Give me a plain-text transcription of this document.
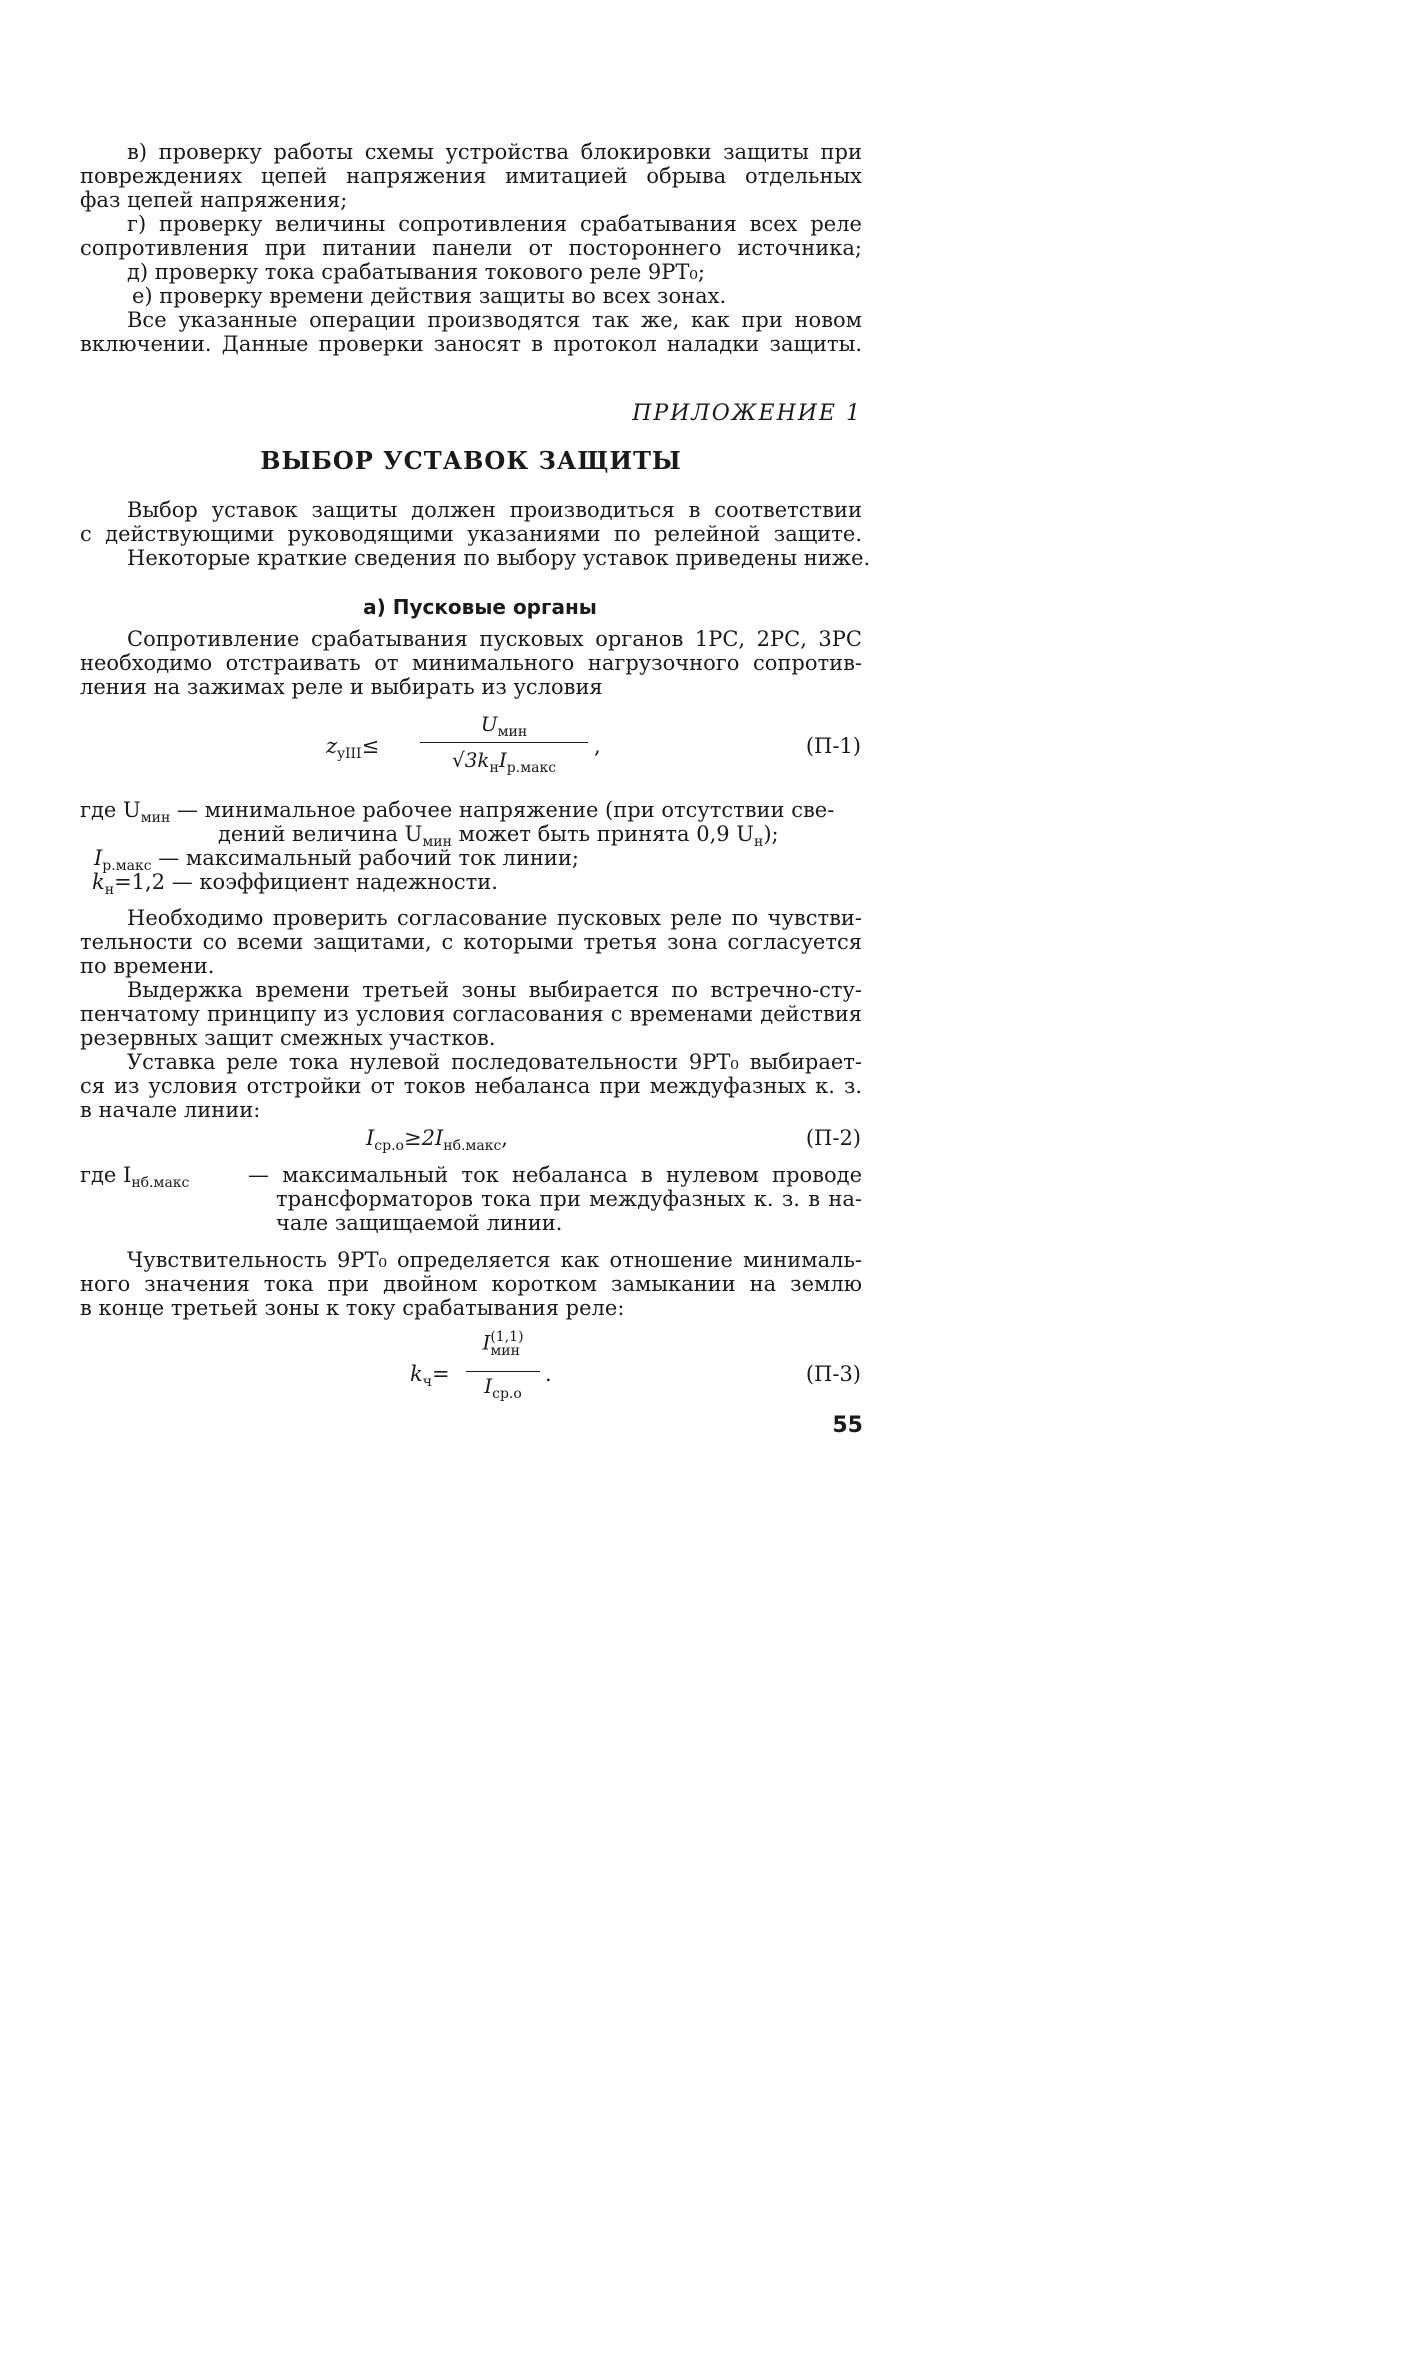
в) проверку работы схемы устройства блокировки защиты при
повреждениях цепей напряжения имитацией обрыва отдельных
фаз цепей напряжения;
г) проверку величины сопротивления срабатывания всех реле
сопротивления при питании панели от постороннего источника;
д) проверку тока срабатывания токового реле 9РТ₀;
е) проверку времени действия защиты во всех зонах.
Все указанные операции производятся так же, как при новом
включении. Данные проверки заносят в протокол наладки защиты.
ПРИЛОЖЕНИЕ 1
ВЫБОР УСТАВОК ЗАЩИТЫ
Выбор уставок защиты должен производиться в соответствии
с действующими руководящими указаниями по релейной защите.
Некоторые краткие сведения по выбору уставок приведены ниже.
а) Пусковые органы
Сопротивление срабатывания пусковых органов 1РС, 2РС, 3РС
необходимо отстраивать от минимального нагрузочного сопротив-
ления на зажимах реле и выбирать из условия
$z_{yIII}\le$
$U_{мин}$
$√3k_нI_{р.макс}$
,	(П-1)
где $U_{мин}$ — минимальное рабочее напряжение (при отсутствии све-
дений величина $U_{мин}$ может быть принята 0,9 $U_н$);
$I_{р.макс}$ — максимальный рабочий ток линии;
$k_н=1,2$ — коэффициент надежности.
Необходимо проверить согласование пусковых реле по чувстви-
тельности со всеми защитами, с которыми третья зона согласуется
по времени.
Выдержка времени третьей зоны выбирается по встречно-сту-
пенчатому принципу из условия согласования с временами действия
резервных защит смежных участков.
Уставка реле тока нулевой последовательности 9РТ₀ выбирает-
ся из условия отстройки от токов небаланса при междуфазных к. з.
в начале линии:
$I_{ср.о}\ge 2I_{нб.макс}$,	(П-2)
где $I_{нб.макс}$	— максимальный ток небаланса в нулевом проводе
трансформаторов тока при междуфазных к. з. в на-
чале защищаемой линии.
Чувствительность 9РТ₀ определяется как отношение минималь-
ного значения тока при двойном коротком замыкании на землю
в конце третьей зоны к току срабатывания реле:
$k_ч=$
I (1,1)
мин
$I_{ср.о}$
.	(П-3)
55
